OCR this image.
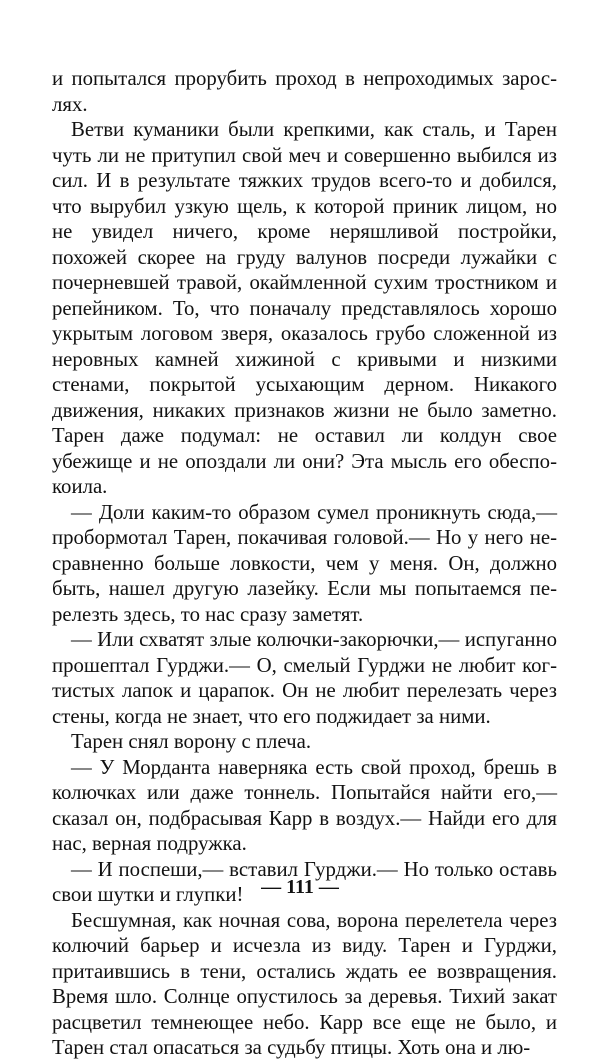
и попытался прорубить проход в непроходимых зарослях.

Ветви куманики были крепкими, как сталь, и Тарен чуть ли не притупил свой меч и совершенно выбился из сил. И в результате тяжких трудов всего-то и добился, что вырубил узкую щель, к которой приник лицом, но не увидел ничего, кроме неряшливой постройки, похожей скорее на груду валунов посреди лужайки с почерневшей травой, окаймленной сухим тростником и репейником. То, что поначалу представлялось хорошо укрытым логовом зверя, оказалось грубо сложенной из неровных камней хижиной с кривыми и низкими стенами, покрытой усыхающим дерном. Никакого движения, никаких признаков жизни не было заметно. Тарен даже подумал: не оставил ли колдун свое убежище и не опоздали ли они? Эта мысль его обеспокоила.

— Доли каким-то образом сумел проникнуть сюда,— пробормотал Тарен, покачивая головой.— Но у него несравненно больше ловкости, чем у меня. Он, должно быть, нашел другую лазейку. Если мы попытаемся перелезть здесь, то нас сразу заметят.

— Или схватят злые колючки-закорючки,— испуганно прошептал Гурджи.— О, смелый Гурджи не любит когтистых лапок и царапок. Он не любит перелезать через стены, когда не знает, что его поджидает за ними.

Тарен снял ворону с плеча.

— У Морданта наверняка есть свой проход, брешь в колючках или даже тоннель. Попытайся найти его,— сказал он, подбрасывая Карр в воздух.— Найди его для нас, верная подружка.

— И поспеши,— вставил Гурджи.— Но только оставь свои шутки и глупки!

Бесшумная, как ночная сова, ворона перелетела через колючий барьер и исчезла из виду. Тарен и Гурджи, притаившись в тени, остались ждать ее возвращения. Время шло. Солнце опустилось за деревья. Тихий закат расцветил темнеющее небо. Карр все еще не было, и Тарен стал опасаться за судьбу птицы. Хоть она и лю-

— 111 —
